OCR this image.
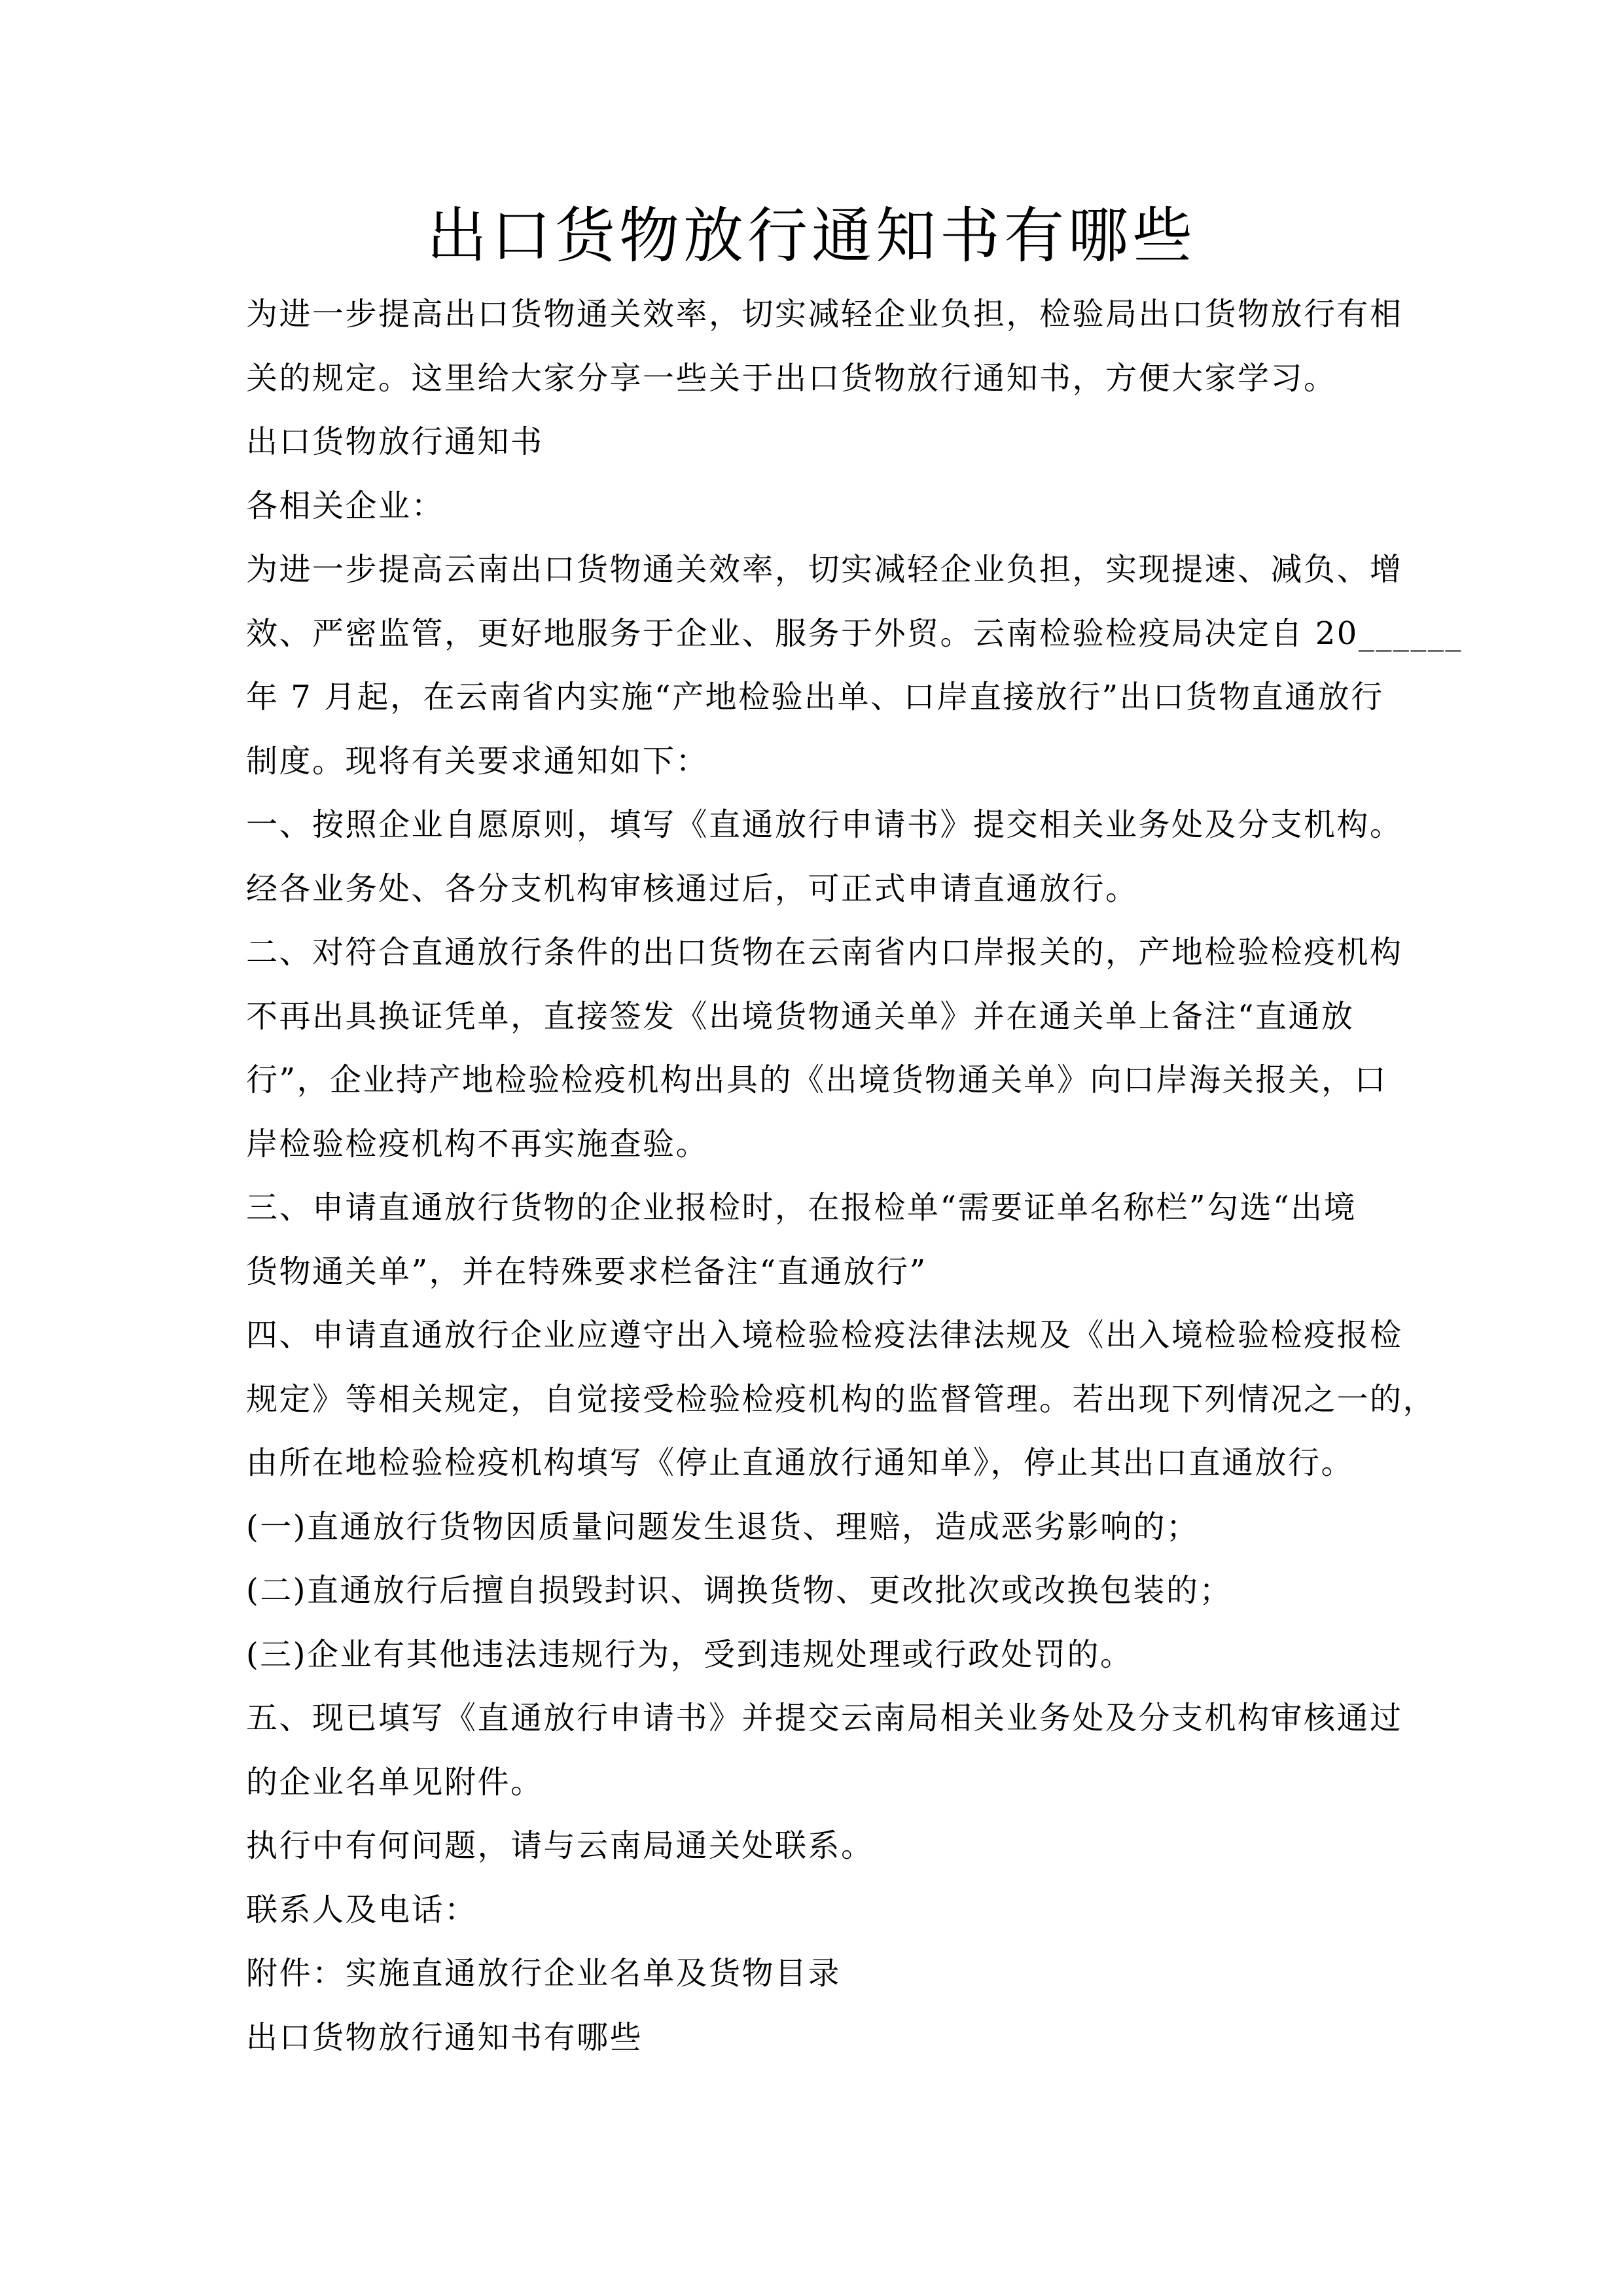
出口货物放行通知书有哪些
为进一步提高出口货物通关效率，切实减轻企业负担，检验局出口货物放行有相
关的规定。这里给大家分享一些关于出口货物放行通知书，方便大家学习。
出口货物放行通知书
各相关企业：
为进一步提高云南出口货物通关效率，切实减轻企业负担，实现提速、减负、增
效、严密监管，更好地服务于企业、服务于外贸。云南检验检疫局决定自 20______
年 7 月起，在云南省内实施“产地检验出单、口岸直接放行”出口货物直通放行
制度。现将有关要求通知如下：
一、按照企业自愿原则，填写《直通放行申请书》提交相关业务处及分支机构。
经各业务处、各分支机构审核通过后，可正式申请直通放行。
二、对符合直通放行条件的出口货物在云南省内口岸报关的，产地检验检疫机构
不再出具换证凭单，直接签发《出境货物通关单》并在通关单上备注“直通放
行”，企业持产地检验检疫机构出具的《出境货物通关单》向口岸海关报关，口
岸检验检疫机构不再实施查验。
三、申请直通放行货物的企业报检时，在报检单“需要证单名称栏”勾选“出境
货物通关单”，并在特殊要求栏备注“直通放行”
四、申请直通放行企业应遵守出入境检验检疫法律法规及《出入境检验检疫报检
规定》等相关规定，自觉接受检验检疫机构的监督管理。若出现下列情况之一的，
由所在地检验检疫机构填写《停止直通放行通知单》，停止其出口直通放行。
(一)直通放行货物因质量问题发生退货、理赔，造成恶劣影响的；
(二)直通放行后擅自损毁封识、调换货物、更改批次或改换包装的；
(三)企业有其他违法违规行为，受到违规处理或行政处罚的。
五、现已填写《直通放行申请书》并提交云南局相关业务处及分支机构审核通过
的企业名单见附件。
执行中有何问题，请与云南局通关处联系。
联系人及电话：
附件：实施直通放行企业名单及货物目录
出口货物放行通知书有哪些
